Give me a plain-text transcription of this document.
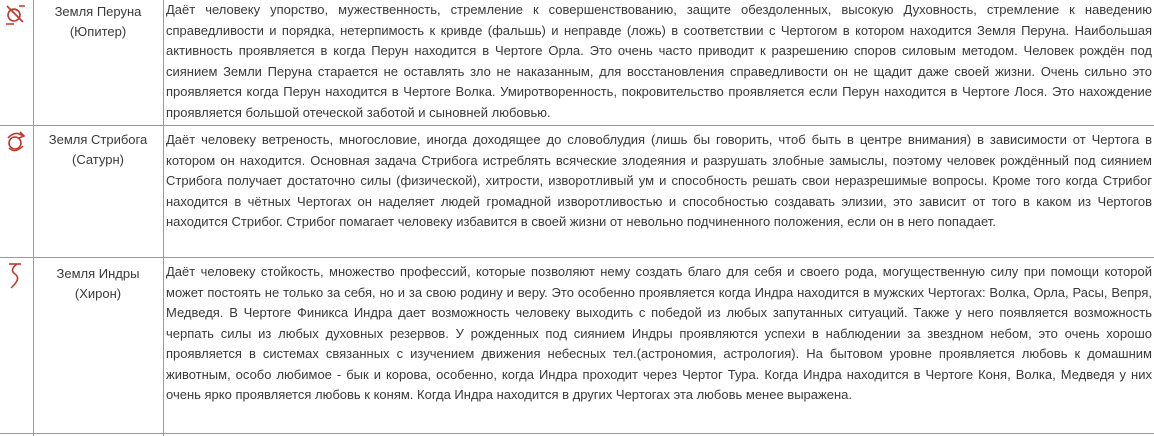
Земля Перуна
(Юпитер)
Даёт человеку упорство, мужественность, стремление к совершенствованию, защите обездоленных, высокую Духовность, стремление к наведению справедливости и порядка, нетерпимость к кривде (фальшь) и неправде (ложь) в соответствии с Чертогом в котором находится Земля Перуна. Наибольшая активность проявляется в когда Перун находится в Чертоге Орла. Это очень часто приводит к разрешению споров силовым методом. Человек рождён под сиянием Земли Перуна старается не оставлять зло не наказанным, для восстановления справедливости он не щадит даже своей жизни. Очень сильно это проявляется когда Перун находится в Чертоге Волка. Умиротворенность, покровительство проявляется если Перун находится в Чертоге Лося. Это нахождение проявляется большой отеческой заботой и сыновней любовью.
Земля Стрибога
(Сатурн)
Даёт человеку ветреность, многословие, иногда доходящее до словоблудия (лишь бы говорить, чтоб быть в центре внимания) в зависимости от Чертога в котором он находится. Основная задача Стрибога истреблять всяческие злодеяния и разрушать злобные замыслы, поэтому человек рождённый под сиянием Стрибога получает достаточно силы (физической), хитрости, изворотливый ум и способность решать свои неразрешимые вопросы. Кроме того когда Стрибог находится в чётных Чертогах он наделяет людей громадной изворотливостью и способностью создавать элизии, это зависит от того в каком из Чертогов находится Стрибог. Стрибог помагает человеку избавится в своей жизни от невольно подчиненного положения, если он в него попадает.
Земля Индры
(Хирон)
Даёт человеку стойкость, множество профессий, которые позволяют нему создать благо для себя и своего рода, могущественную силу при помощи которой может постоять не только за себя, но и за свою родину и веру. Это особенно проявляется когда Индра находится в мужских Чертогах: Волка, Орла, Расы, Вепря, Медведя. В Чертоге Финикса Индра дает возможность человеку выходить с победой из любых запутанных ситуаций. Также у него появляется возможность черпать силы из любых духовных резервов. У рожденных под сиянием Индры проявляются успехи в наблюдении за звездном небом, это очень хорошо проявляется в системах связанных с изучением движения небесных тел.(астрономия, астрология). На бытовом уровне проявляется любовь к домашним животным, особо любимое - бык и корова, особенно, когда Индра проходит через Чертог Тура. Когда Индра находится в Чертоге Коня, Волка, Медведя у них очень ярко проявляется любовь к коням. Когда Индра находится в других Чертогах эта любовь менее выражена.
